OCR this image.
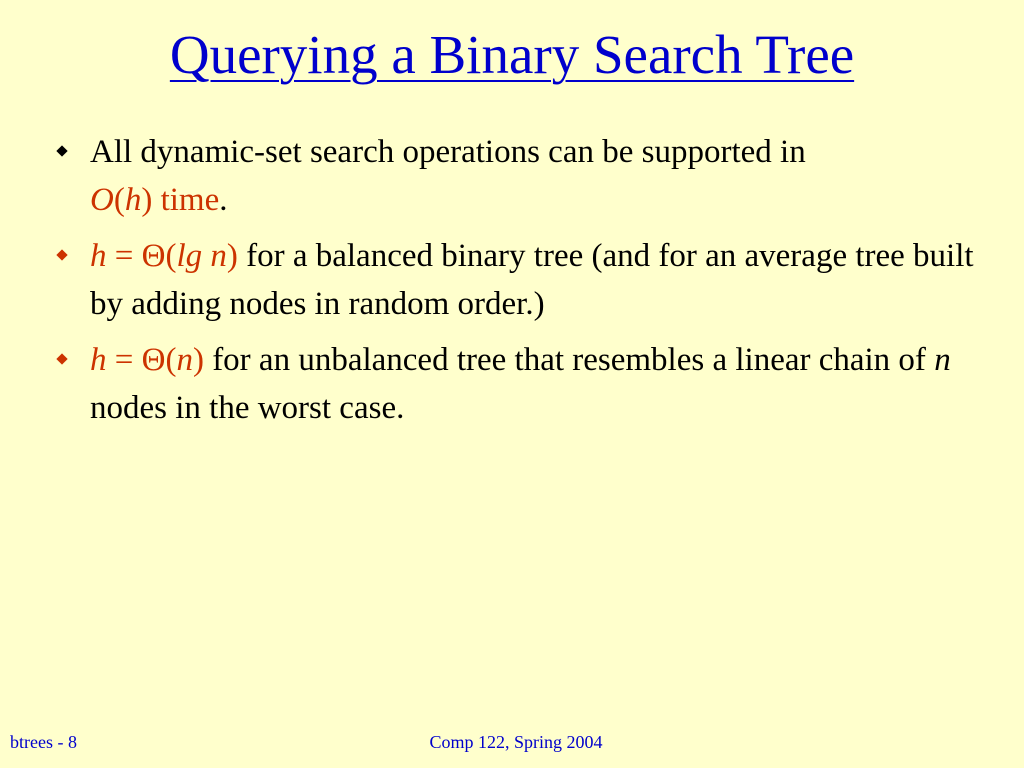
Querying a Binary Search Tree
All dynamic-set search operations can be supported in
O(h) time.
h = Θ(lg n) for a balanced binary tree (and for an average tree built by adding nodes in random order.)
h = Θ(n) for an unbalanced tree that resembles a linear chain of n nodes in the worst case.
btrees - 8	Comp 122, Spring 2004
